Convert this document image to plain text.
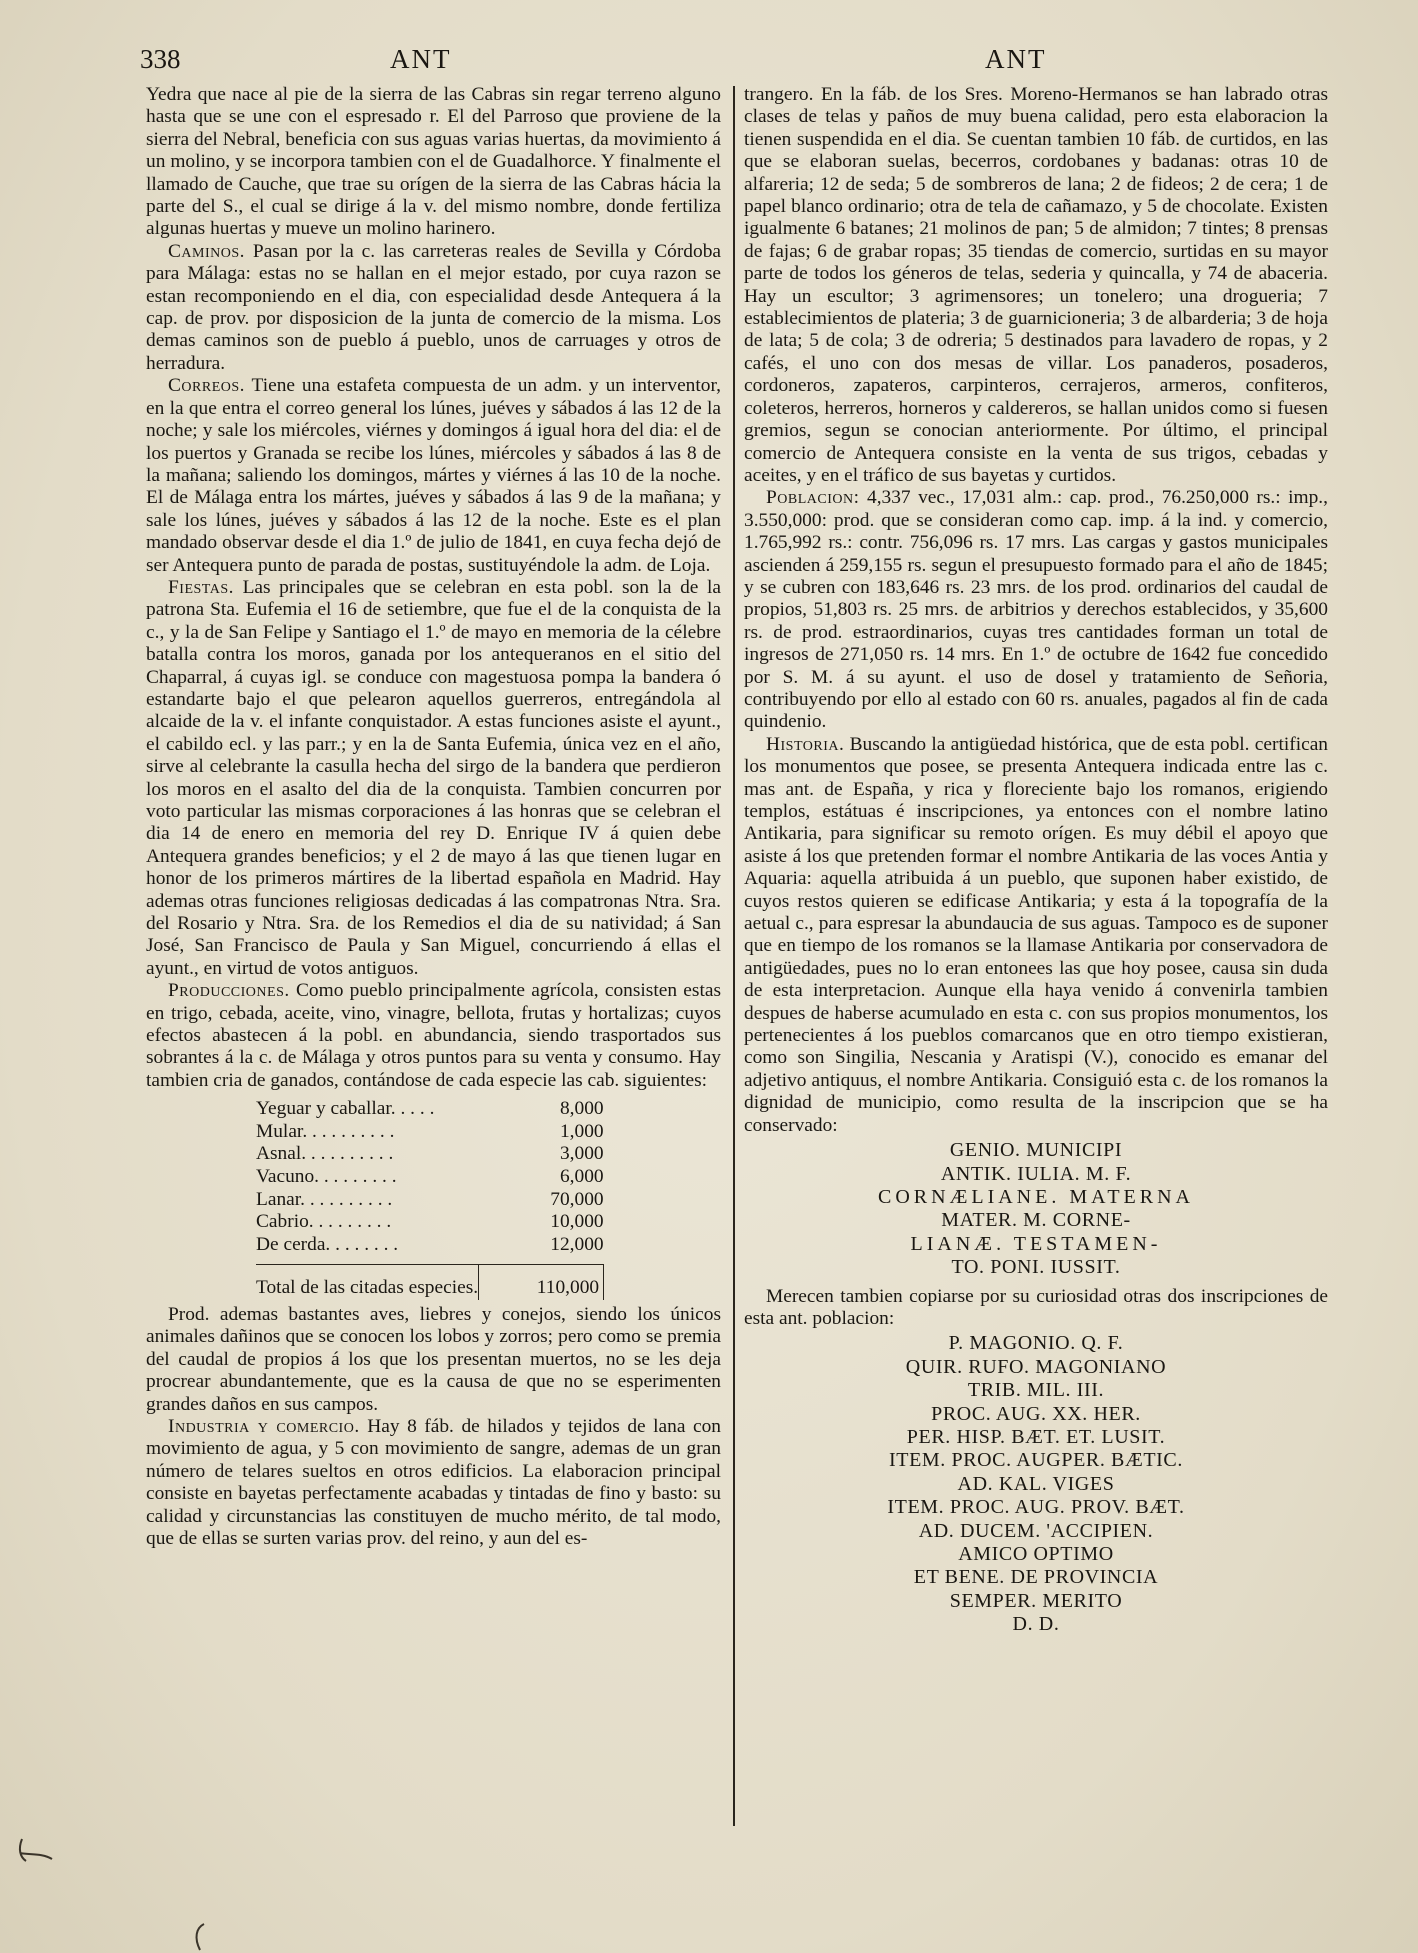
338	ANT	ANT

Yedra que nace al pie de la sierra de las Cabras sin regar terreno alguno hasta que se une con el espresado r. El del Parroso que proviene de la sierra del Nebral, beneficia con sus aguas varias huertas, da movimiento á un molino, y se incorpora tambien con el de Guadalhorce. Y finalmente el llamado de Cauche, que trae su orígen de la sierra de las Cabras hácia la parte del S., el cual se dirige á la v. del mismo nombre, donde fertiliza algunas huertas y mueve un molino harinero.

Caminos. Pasan por la c. las carreteras reales de Sevilla y Córdoba para Málaga: estas no se hallan en el mejor estado, por cuya razon se estan recomponiendo en el dia, con especialidad desde Antequera á la cap. de prov. por disposicion de la junta de comercio de la misma. Los demas caminos son de pueblo á pueblo, unos de carruages y otros de herradura.

Correos. Tiene una estafeta compuesta de un adm. y un interventor, en la que entra el correo general los lúnes, juéves y sábados á las 12 de la noche; y sale los miércoles, viérnes y domingos á igual hora del dia: el de los puertos y Granada se recibe los lúnes, miércoles y sábados á las 8 de la mañana; saliendo los domingos, mártes y viérnes á las 10 de la noche. El de Málaga entra los mártes, juéves y sábados á las 9 de la mañana; y sale los lúnes, juéves y sábados á las 12 de la noche. Este es el plan mandado observar desde el dia 1.º de julio de 1841, en cuya fecha dejó de ser Antequera punto de parada de postas, sustituyéndole la adm. de Loja.

Fiestas. Las principales que se celebran en esta pobl. son la de la patrona Sta. Eufemia el 16 de setiembre, que fue el de la conquista de la c., y la de San Felipe y Santiago el 1.º de mayo en memoria de la célebre batalla contra los moros, ganada por los antequeranos en el sitio del Chaparral, á cuyas igl. se conduce con magestuosa pompa la bandera ó estandarte bajo el que pelearon aquellos guerreros, entregándola al alcaide de la v. el infante conquistador. A estas funciones asiste el ayunt., el cabildo ecl. y las parr.; y en la de Santa Eufemia, única vez en el año, sirve al celebrante la casulla hecha del sirgo de la bandera que perdieron los moros en el asalto del dia de la conquista. Tambien concurren por voto particular las mismas corporaciones á las honras que se celebran el dia 14 de enero en memoria del rey D. Enrique IV á quien debe Antequera grandes beneficios; y el 2 de mayo á las que tienen lugar en honor de los primeros mártires de la libertad española en Madrid. Hay ademas otras funciones religiosas dedicadas á las compatronas Ntra. Sra. del Rosario y Ntra. Sra. de los Remedios el dia de su natividad; á San José, San Francisco de Paula y San Miguel, concurriendo á ellas el ayunt., en virtud de votos antiguos.

Producciones. Como pueblo principalmente agrícola, consisten estas en trigo, cebada, aceite, vino, vinagre, bellota, frutas y hortalizas; cuyos efectos abastecen á la pobl. en abundancia, siendo trasportados sus sobrantes á la c. de Málaga y otros puntos para su venta y consumo. Hay tambien cria de ganados, contándose de cada especie las cab. siguientes:

Yeguar y caballar. . . . .	8,000
Mular. . . . . . . . . .	1,000
Asnal. . . . . . . . . .	3,000
Vacuno. . . . . . . . .	6,000
Lanar. . . . . . . . . .	70,000
Cabrio. . . . . . . . .	10,000
De cerda. . . . . . . .	12,000

Total de las citadas especies.	110,000

Prod. ademas bastantes aves, liebres y conejos, siendo los únicos animales dañinos que se conocen los lobos y zorros; pero como se premia del caudal de propios á los que los presentan muertos, no se les deja procrear abundantemente, que es la causa de que no se esperimenten grandes daños en sus campos.

Industria y comercio. Hay 8 fáb. de hilados y tejidos de lana con movimiento de agua, y 5 con movimiento de sangre, ademas de un gran número de telares sueltos en otros edificios. La elaboracion principal consiste en bayetas perfectamente acabadas y tintadas de fino y basto: su calidad y circunstancias las constituyen de mucho mérito, de tal modo, que de ellas se surten varias prov. del reino, y aun del es-

trangero. En la fáb. de los Sres. Moreno-Hermanos se han labrado otras clases de telas y paños de muy buena calidad, pero esta elaboracion la tienen suspendida en el dia. Se cuentan tambien 10 fáb. de curtidos, en las que se elaboran suelas, becerros, cordobanes y badanas: otras 10 de alfareria; 12 de seda; 5 de sombreros de lana; 2 de fideos; 2 de cera; 1 de papel blanco ordinario; otra de tela de cañamazo, y 5 de chocolate. Existen igualmente 6 batanes; 21 molinos de pan; 5 de almidon; 7 tintes; 8 prensas de fajas; 6 de grabar ropas; 35 tiendas de comercio, surtidas en su mayor parte de todos los géneros de telas, sederia y quincalla, y 74 de abaceria. Hay un escultor; 3 agrimensores; un tonelero; una drogueria; 7 establecimientos de plateria; 3 de guarnicioneria; 3 de albarderia; 3 de hoja de lata; 5 de cola; 3 de odreria; 5 destinados para lavadero de ropas, y 2 cafés, el uno con dos mesas de villar. Los panaderos, posaderos, cordoneros, zapateros, carpinteros, cerrajeros, armeros, confiteros, coleteros, herreros, horneros y caldereros, se hallan unidos como si fuesen gremios, segun se conocian anteriormente. Por último, el principal comercio de Antequera consiste en la venta de sus trigos, cebadas y aceites, y en el tráfico de sus bayetas y curtidos.

Poblacion: 4,337 vec., 17,031 alm.: cap. prod., 76.250,000 rs.: imp., 3.550,000: prod. que se consideran como cap. imp. á la ind. y comercio, 1.765,992 rs.: contr. 756,096 rs. 17 mrs. Las cargas y gastos municipales ascienden á 259,155 rs. segun el presupuesto formado para el año de 1845; y se cubren con 183,646 rs. 23 mrs. de los prod. ordinarios del caudal de propios, 51,803 rs. 25 mrs. de arbitrios y derechos establecidos, y 35,600 rs. de prod. estraordinarios, cuyas tres cantidades forman un total de ingresos de 271,050 rs. 14 mrs. En 1.º de octubre de 1642 fue concedido por S. M. á su ayunt. el uso de dosel y tratamiento de Señoria, contribuyendo por ello al estado con 60 rs. anuales, pagados al fin de cada quindenio.

Historia. Buscando la antigüedad histórica, que de esta pobl. certifican los monumentos que posee, se presenta Antequera indicada entre las c. mas ant. de España, y rica y floreciente bajo los romanos, erigiendo templos, estátuas é inscripciones, ya entonces con el nombre latino Antikaria, para significar su remoto orígen. Es muy débil el apoyo que asiste á los que pretenden formar el nombre Antikaria de las voces Antia y Aquaria: aquella atribuida á un pueblo, que suponen haber existido, de cuyos restos quieren se edificase Antikaria; y esta á la topografía de la aetual c., para espresar la abundaucia de sus aguas. Tampoco es de suponer que en tiempo de los romanos se la llamase Antikaria por conservadora de antigüedades, pues no lo eran entonees las que hoy posee, causa sin duda de esta interpretacion. Aunque ella haya venido á convenirla tambien despues de haberse acumulado en esta c. con sus propios monumentos, los pertenecientes á los pueblos comarcanos que en otro tiempo existieran, como son Singilia, Nescania y Aratispi (V.), conocido es emanar del adjetivo antiquus, el nombre Antikaria. Consiguió esta c. de los romanos la dignidad de municipio, como resulta de la inscripcion que se ha conservado:

GENIO. MUNICIPI
ANTIK. IULIA. M. F.
CORNÆLIANE. MATERNA
MATER. M. CORNE-
LIANÆ. TESTAMEN-
TO. PONI. IUSSIT.

Merecen tambien copiarse por su curiosidad otras dos inscripciones de esta ant. poblacion:

P. MAGONIO. Q. F.
QUIR. RUFO. MAGONIANO
TRIB. MIL. III.
PROC. AUG. XX. HER.
PER. HISP. BÆT. ET. LUSIT.
ITEM. PROC. AUGPER. BÆTIC.
AD. KAL. VIGES
ITEM. PROC. AUG. PROV. BÆT.
AD. DUCEM. 'ACCIPIEN.
AMICO OPTIMO
ET BENE. DE PROVINCIA
SEMPER. MERITO
D. D.
